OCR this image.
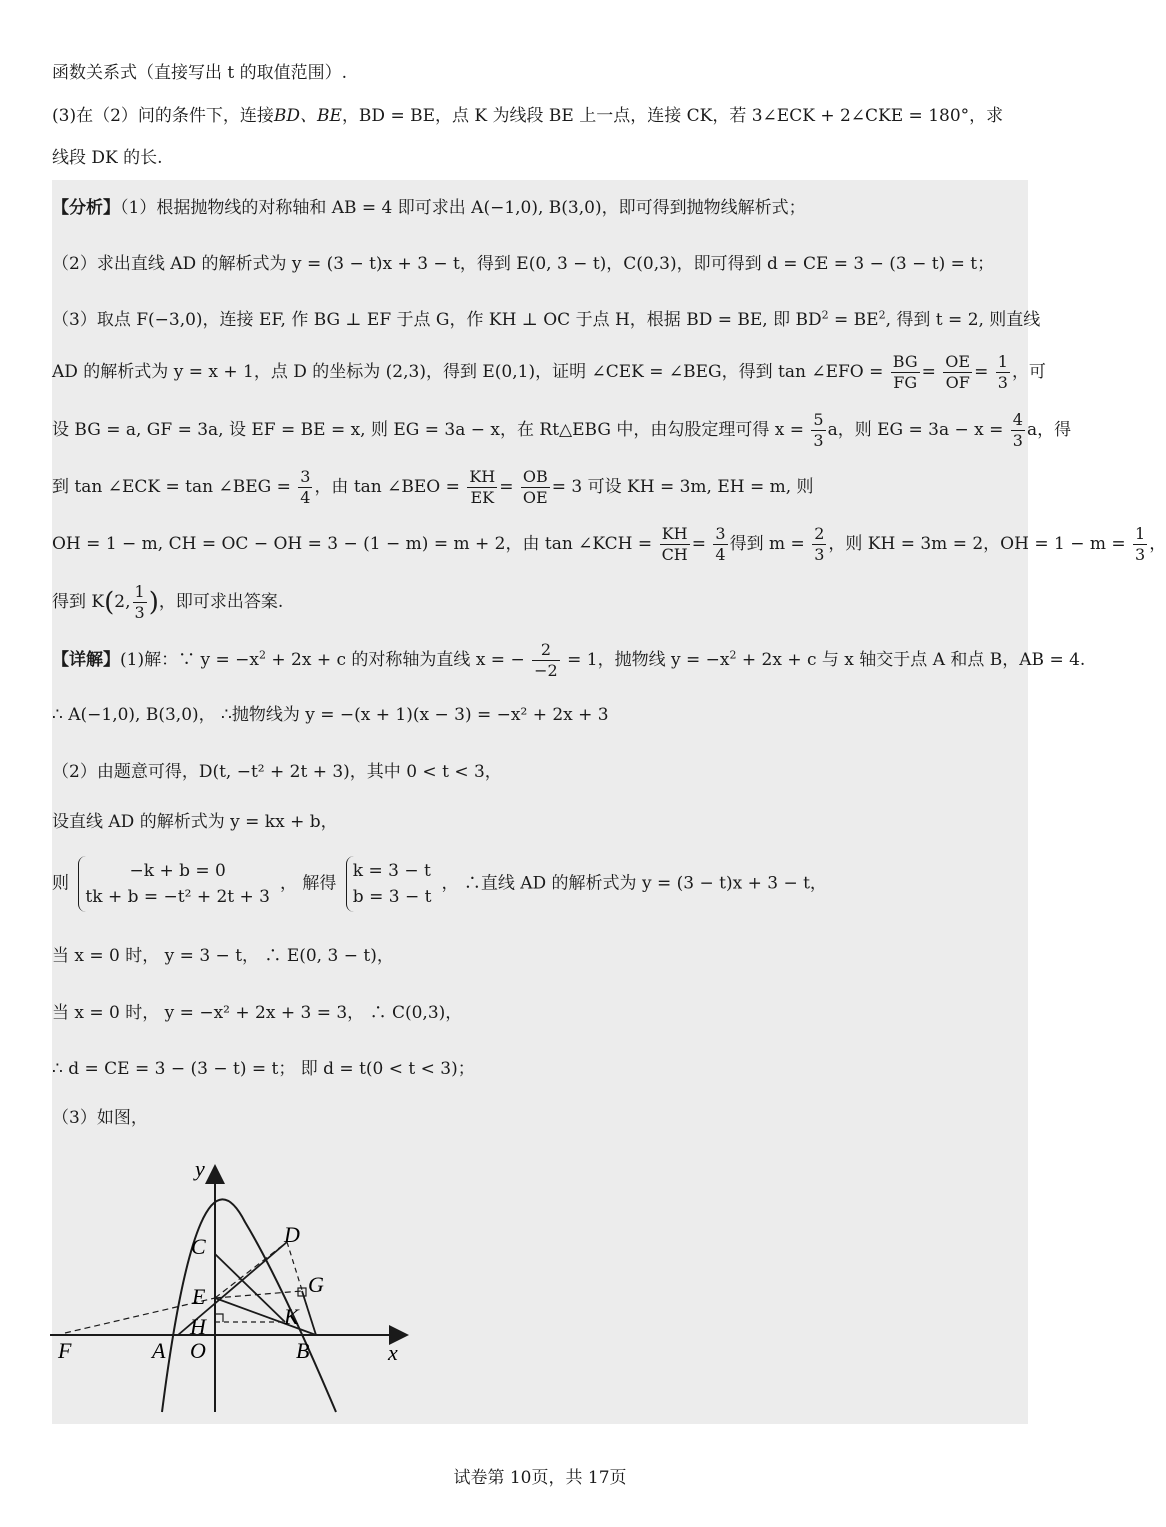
函数关系式（直接写出 t 的取值范围）.
(3)在（2）问的条件下，连接BD、BE，BD = BE，点 K 为线段 BE 上一点，连接 CK，若 3∠ECK + 2∠CKE = 180°，求
线段 DK 的长.
【分析】（1）根据抛物线的对称轴和 AB = 4 即可求出 A(−1,0), B(3,0)，即可得到抛物线解析式；
（2）求出直线 AD 的解析式为 y = (3 − t)x + 3 − t，得到 E(0, 3 − t)，C(0,3)，即可得到 d = CE = 3 − (3 − t) = t；
（3）取点 F(−3,0)，连接 EF, 作 BG ⊥ EF 于点 G，作 KH ⊥ OC 于点 H，根据 BD = BE, 即 $BD^2 = BE^2$, 得到 t = 2, 则直线
AD 的解析式为 y = x + 1，点 D 的坐标为 (2,3)，得到 E(0,1)，证明 ∠CEK = ∠BEG，得到 tan ∠EFO = $\frac{BG}{FG} = \frac{OE}{OF} = \frac{1}{3}$ ，可
设 BG = a, GF = 3a, 设 EF = BE = x, 则 EG = 3a − x，在 Rt△EBG 中，由勾股定理可得 $x = \frac{5}{3}$ a，则 EG = $3a - x = \frac{4}{3}$ a，得
到 tan ∠ECK = tan ∠BEG = $\frac{3}{4}$ ，由 tan ∠BEO = $\frac{KH}{EK} = \frac{OB}{OE} = 3$ 可设 KH = 3m, EH = m, 则
OH = 1 − m, CH = OC − OH = 3 − (1 − m) = m + 2，由 tan ∠KCH = $\frac{KH}{CH} = \frac{3}{4}$ 得到 $m = \frac{2}{3}$ ，则 KH = 3m = 2，OH = $1 - m = \frac{1}{3}$ ，
得到 K(2, $\frac{1}{3}$ )，即可求出答案.
【详解】(1)解：∵ $y = -x^2 + 2x + c$ 的对称轴为直线 x = − $\frac{2}{-2} = 1$，抛物线 $y = -x^2 + 2x + c$ 与 x 轴交于点 A 和点 B，AB = 4.
∴ A(−1,0), B(3,0)， ∴抛物线为 y = −(x + 1)(x − 3) = −x² + 2x + 3
（2）由题意可得，D(t, −t² + 2t + 3)，其中 0 < t < 3，
设直线 AD 的解析式为 y = kx + b，
则
−k + b = 0
tk + b = −t² + 2t + 3
， 解得
k = 3 − t
b = 3 − t
， ∴直线 AD 的解析式为 y = (3 − t)x + 3 − t，
当 x = 0 时， y = 3 − t， ∴ E(0, 3 − t)，
当 x = 0 时， y = −x² + 2x + 3 = 3， ∴ C(0,3)，
∴ d = CE = 3 − (3 − t) = t； 即 d = t(0 < t < 3)；
（3）如图，
y
x
C	D
E	G
H	K
F	A O	B
试卷第 10页，共 17页
